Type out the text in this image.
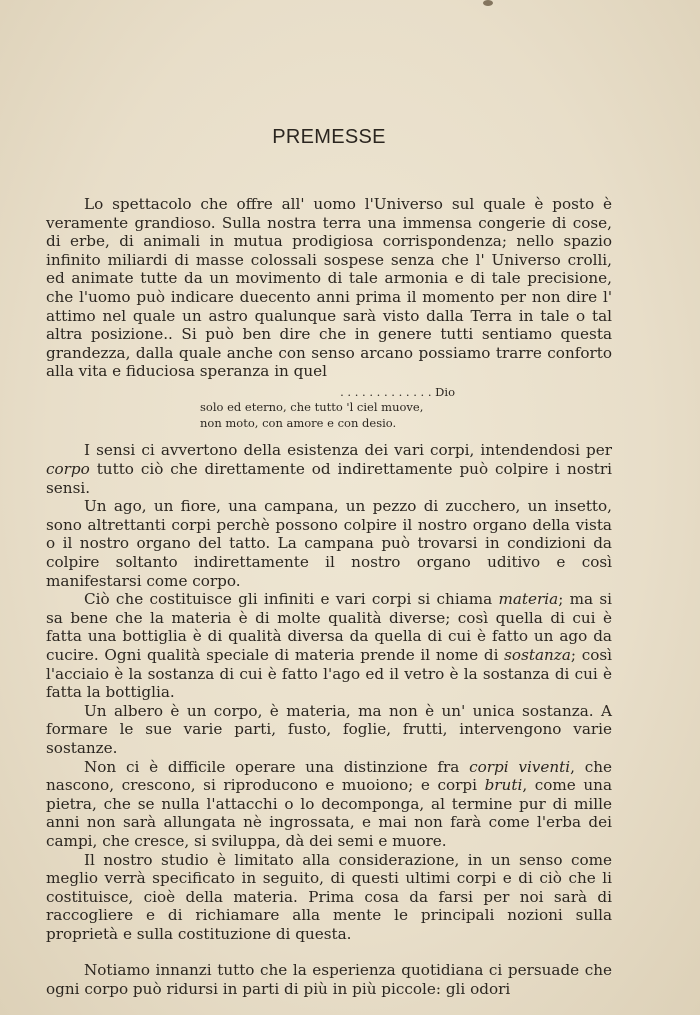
PREMESSE

Lo spettacolo che offre all' uomo l'Universo sul quale è posto è veramente grandioso. Sulla nostra terra una immensa congerie di cose, di erbe, di animali in mutua prodigiosa corrispondenza; nello spazio infinito miliardi di masse colossali sospese senza che l' Universo crolli, ed animate tutte da un movimento di tale armonia e di tale precisione, che l'uomo può indicare duecento anni prima il momento per non dire l' attimo nel quale un astro qualunque sarà visto dalla Terra in tale o tal altra posizione.. Si può ben dire che in genere tutti sentiamo questa grandezza, dalla quale anche con senso arcano possiamo trarre conforto alla vita e fiduciosa speranza in quel

. . . . . . . . . . . . . Dio
solo ed eterno, che tutto 'l ciel muove,
non moto, con amore e con desio.

I sensi ci avvertono della esistenza dei vari corpi, intendendosi per corpo tutto ciò che direttamente od indirettamente può colpire i nostri sensi.

Un ago, un fiore, una campana, un pezzo di zucchero, un insetto, sono altrettanti corpi perchè possono colpire il nostro organo della vista o il nostro organo del tatto. La campana può trovarsi in condizioni da colpire soltanto indirettamente il nostro organo uditivo e così manifestarsi come corpo.

Ciò che costituisce gli infiniti e vari corpi si chiama materia; ma si sa bene che la materia è di molte qualità diverse; così quella di cui è fatta una bottiglia è di qualità diversa da quella di cui è fatto un ago da cucire. Ogni qualità speciale di materia prende il nome di sostanza; così l'acciaio è la sostanza di cui è fatto l'ago ed il vetro è la sostanza di cui è fatta la bottiglia.

Un albero è un corpo, è materia, ma non è un' unica sostanza. A formare le sue varie parti, fusto, foglie, frutti, intervengono varie sostanze.

Non ci è difficile operare una distinzione fra corpi viventi, che nascono, crescono, si riproducono e muoiono; e corpi bruti, come una pietra, che se nulla l'attacchi o lo decomponga, al termine pur di mille anni non sarà allungata nè ingrossata, e mai non farà come l'erba dei campi, che cresce, si sviluppa, dà dei semi e muore.

Il nostro studio è limitato alla considerazione, in un senso come meglio verrà specificato in seguito, di questi ultimi corpi e di ciò che li costituisce, cioè della materia. Prima cosa da farsi per noi sarà di raccogliere e di richiamare alla mente le principali nozioni sulla proprietà e sulla costituzione di questa.

Notiamo innanzi tutto che la esperienza quotidiana ci persuade che ogni corpo può ridursi in parti di più in più piccole: gli odori
